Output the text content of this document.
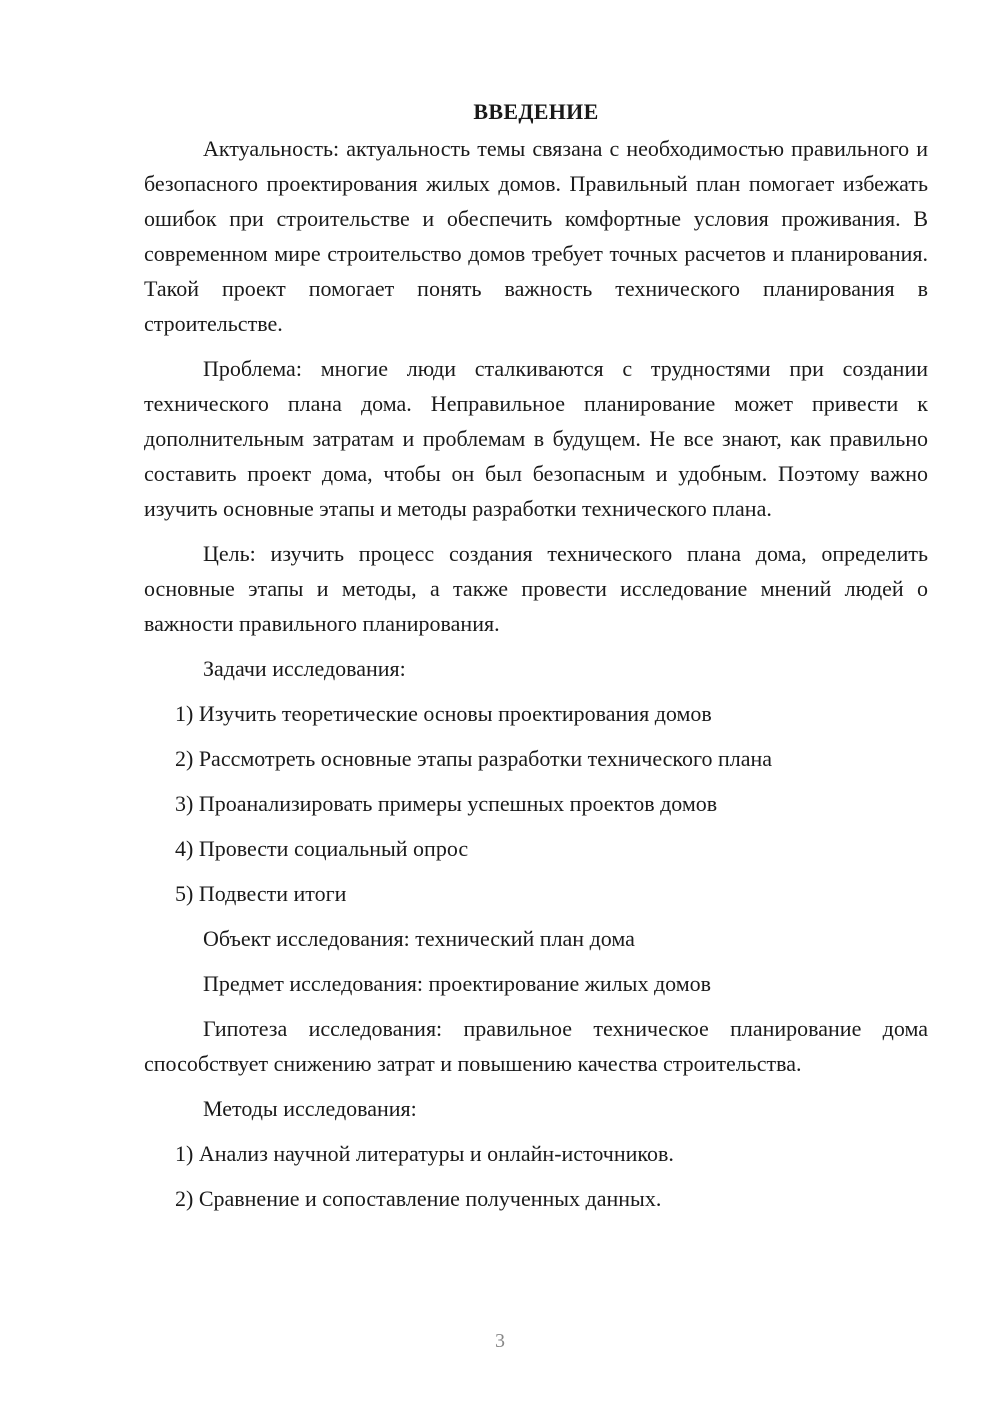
ВВЕДЕНИЕ

Актуальность: актуальность темы связана с необходимостью правильного и безопасного проектирования жилых домов. Правильный план помогает избежать ошибок при строительстве и обеспечить комфортные условия проживания. В современном мире строительство домов требует точных расчетов и планирования. Такой проект помогает понять важность технического планирования в строительстве.

Проблема: многие люди сталкиваются с трудностями при создании технического плана дома. Неправильное планирование может привести к дополнительным затратам и проблемам в будущем. Не все знают, как правильно составить проект дома, чтобы он был безопасным и удобным. Поэтому важно изучить основные этапы и методы разработки технического плана.

Цель: изучить процесс создания технического плана дома, определить основные этапы и методы, а также провести исследование мнений людей о важности правильного планирования.

Задачи исследования:

1) Изучить теоретические основы проектирования домов

2) Рассмотреть основные этапы разработки технического плана

3) Проанализировать примеры успешных проектов домов

4) Провести социальный опрос

5) Подвести итоги

Объект исследования: технический план дома

Предмет исследования: проектирование жилых домов

Гипотеза исследования: правильное техническое планирование дома способствует снижению затрат и повышению качества строительства.

Методы исследования:

1) Анализ научной литературы и онлайн-источников.

2) Сравнение и сопоставление полученных данных.

3
